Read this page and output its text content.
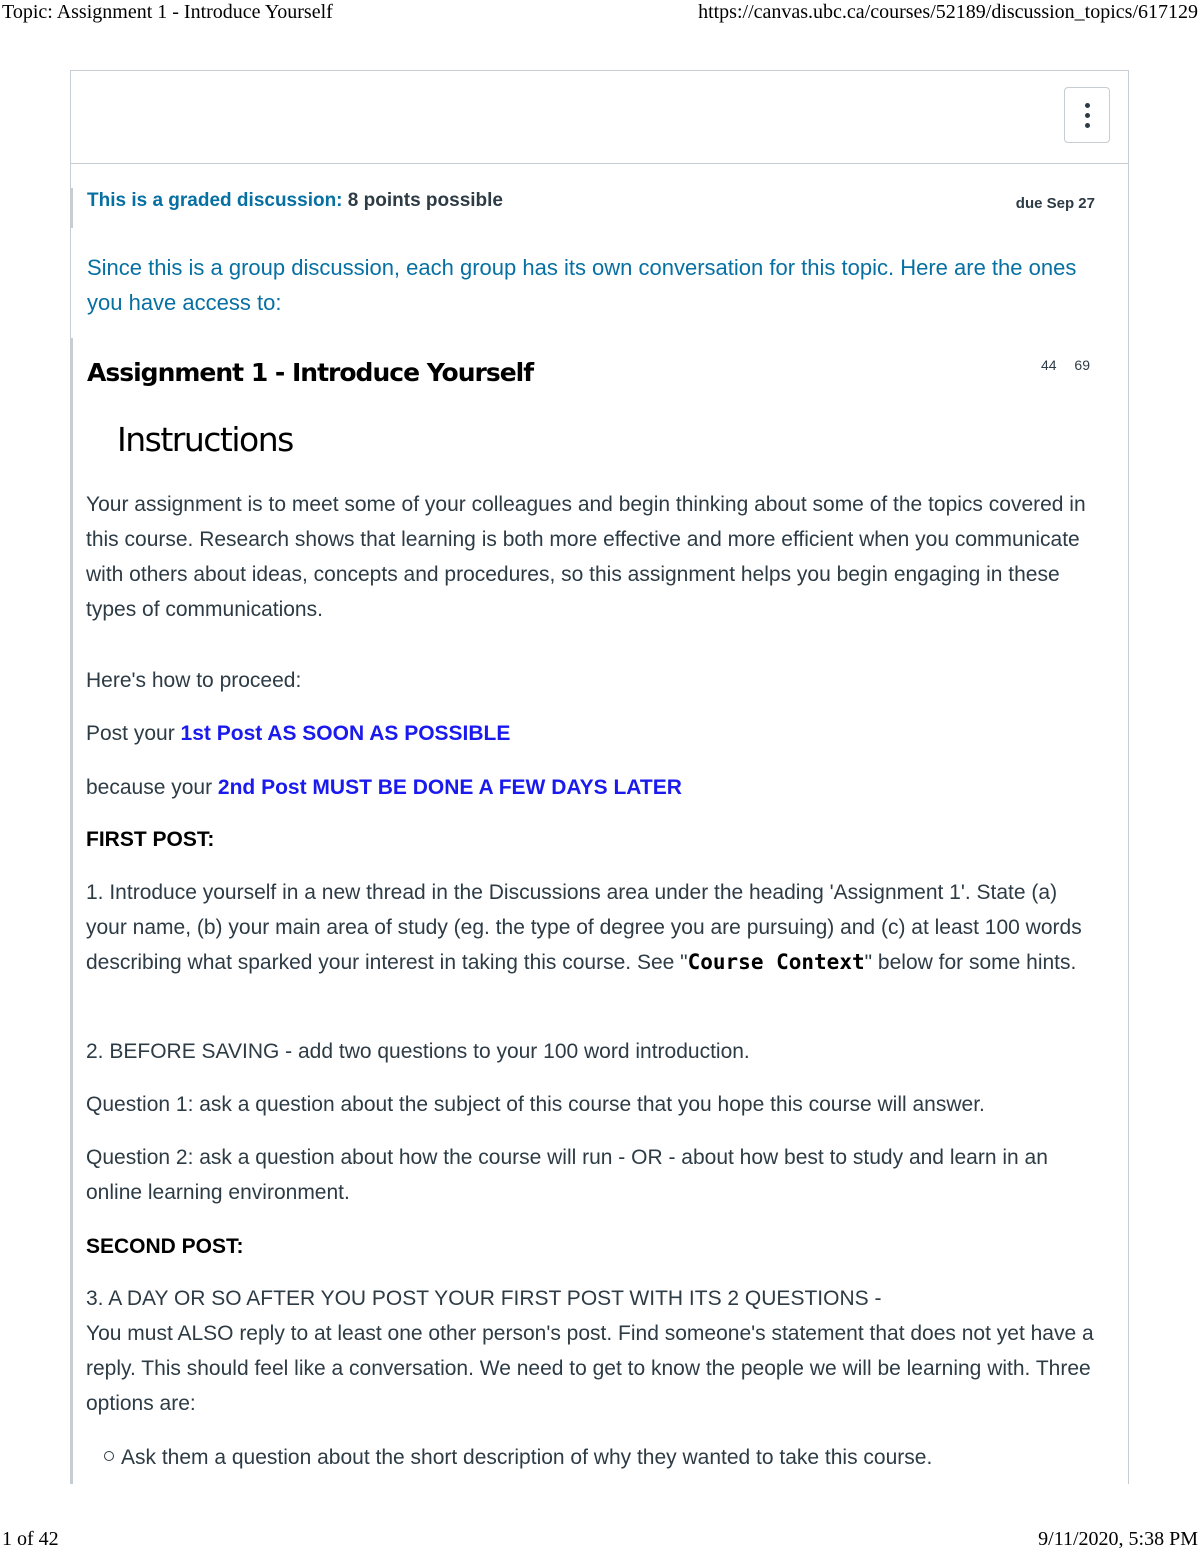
Topic: Assignment 1 - Introduce Yourself	https://canvas.ubc.ca/courses/52189/discussion_topics/617129
This is a graded discussion: 8 points possible	due Sep 27
Since this is a group discussion, each group has its own conversation for this topic. Here are the ones you have access to:
Assignment 1 - Introduce Yourself	44 69
Instructions

Your assignment is to meet some of your colleagues and begin thinking about some of the topics covered in this course. Research shows that learning is both more effective and more efficient when you communicate with others about ideas, concepts and procedures, so this assignment helps you begin engaging in these types of communications.

Here's how to proceed:

Post your 1st Post AS SOON AS POSSIBLE
because your 2nd Post MUST BE DONE A FEW DAYS LATER
FIRST POST:
1. Introduce yourself in a new thread in the Discussions area under the heading 'Assignment 1'. State (a) your name, (b) your main area of study (eg. the type of degree you are pursuing) and (c) at least 100 words describing what sparked your interest in taking this course. See "Course Context" below for some hints.

2. BEFORE SAVING - add two questions to your 100 word introduction.

Question 1: ask a question about the subject of this course that you hope this course will answer.

Question 2: ask a question about how the course will run - OR - about how best to study and learn in an online learning environment.

SECOND POST:

3. A DAY OR SO AFTER YOU POST YOUR FIRST POST WITH ITS 2 QUESTIONS -

You must ALSO reply to at least one other person's post. Find someone's statement that does not yet have a reply. This should feel like a conversation. We need to get to know the people we will be learning with. Three options are:

Ask them a question about the short description of why they wanted to take this course.
1 of 42	9/11/2020, 5:38 PM
